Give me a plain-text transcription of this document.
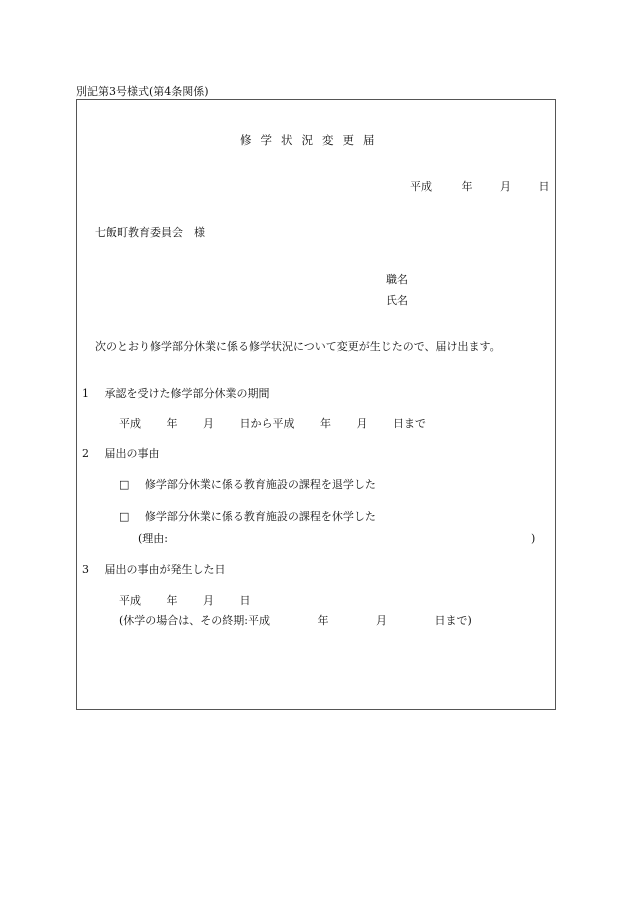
別記第3号様式(第4条関係)
修学状況変更届
平成	年	月	日
七飯町教育委員会　様
職名
氏名
次のとおり修学部分休業に係る修学状況について変更が生じたので、届け出ます。
1 承認を受けた修学部分休業の期間
平成 年 月 日から平成 年 月 日まで
2 届出の事由
□ 修学部分休業に係る教育施設の課程を退学した
□ 修学部分休業に係る教育施設の課程を休学した
(理由:	)
3 届出の事由が発生した日
平成 年 月 日
(休学の場合は、その終期:平成	年	月	日まで)
